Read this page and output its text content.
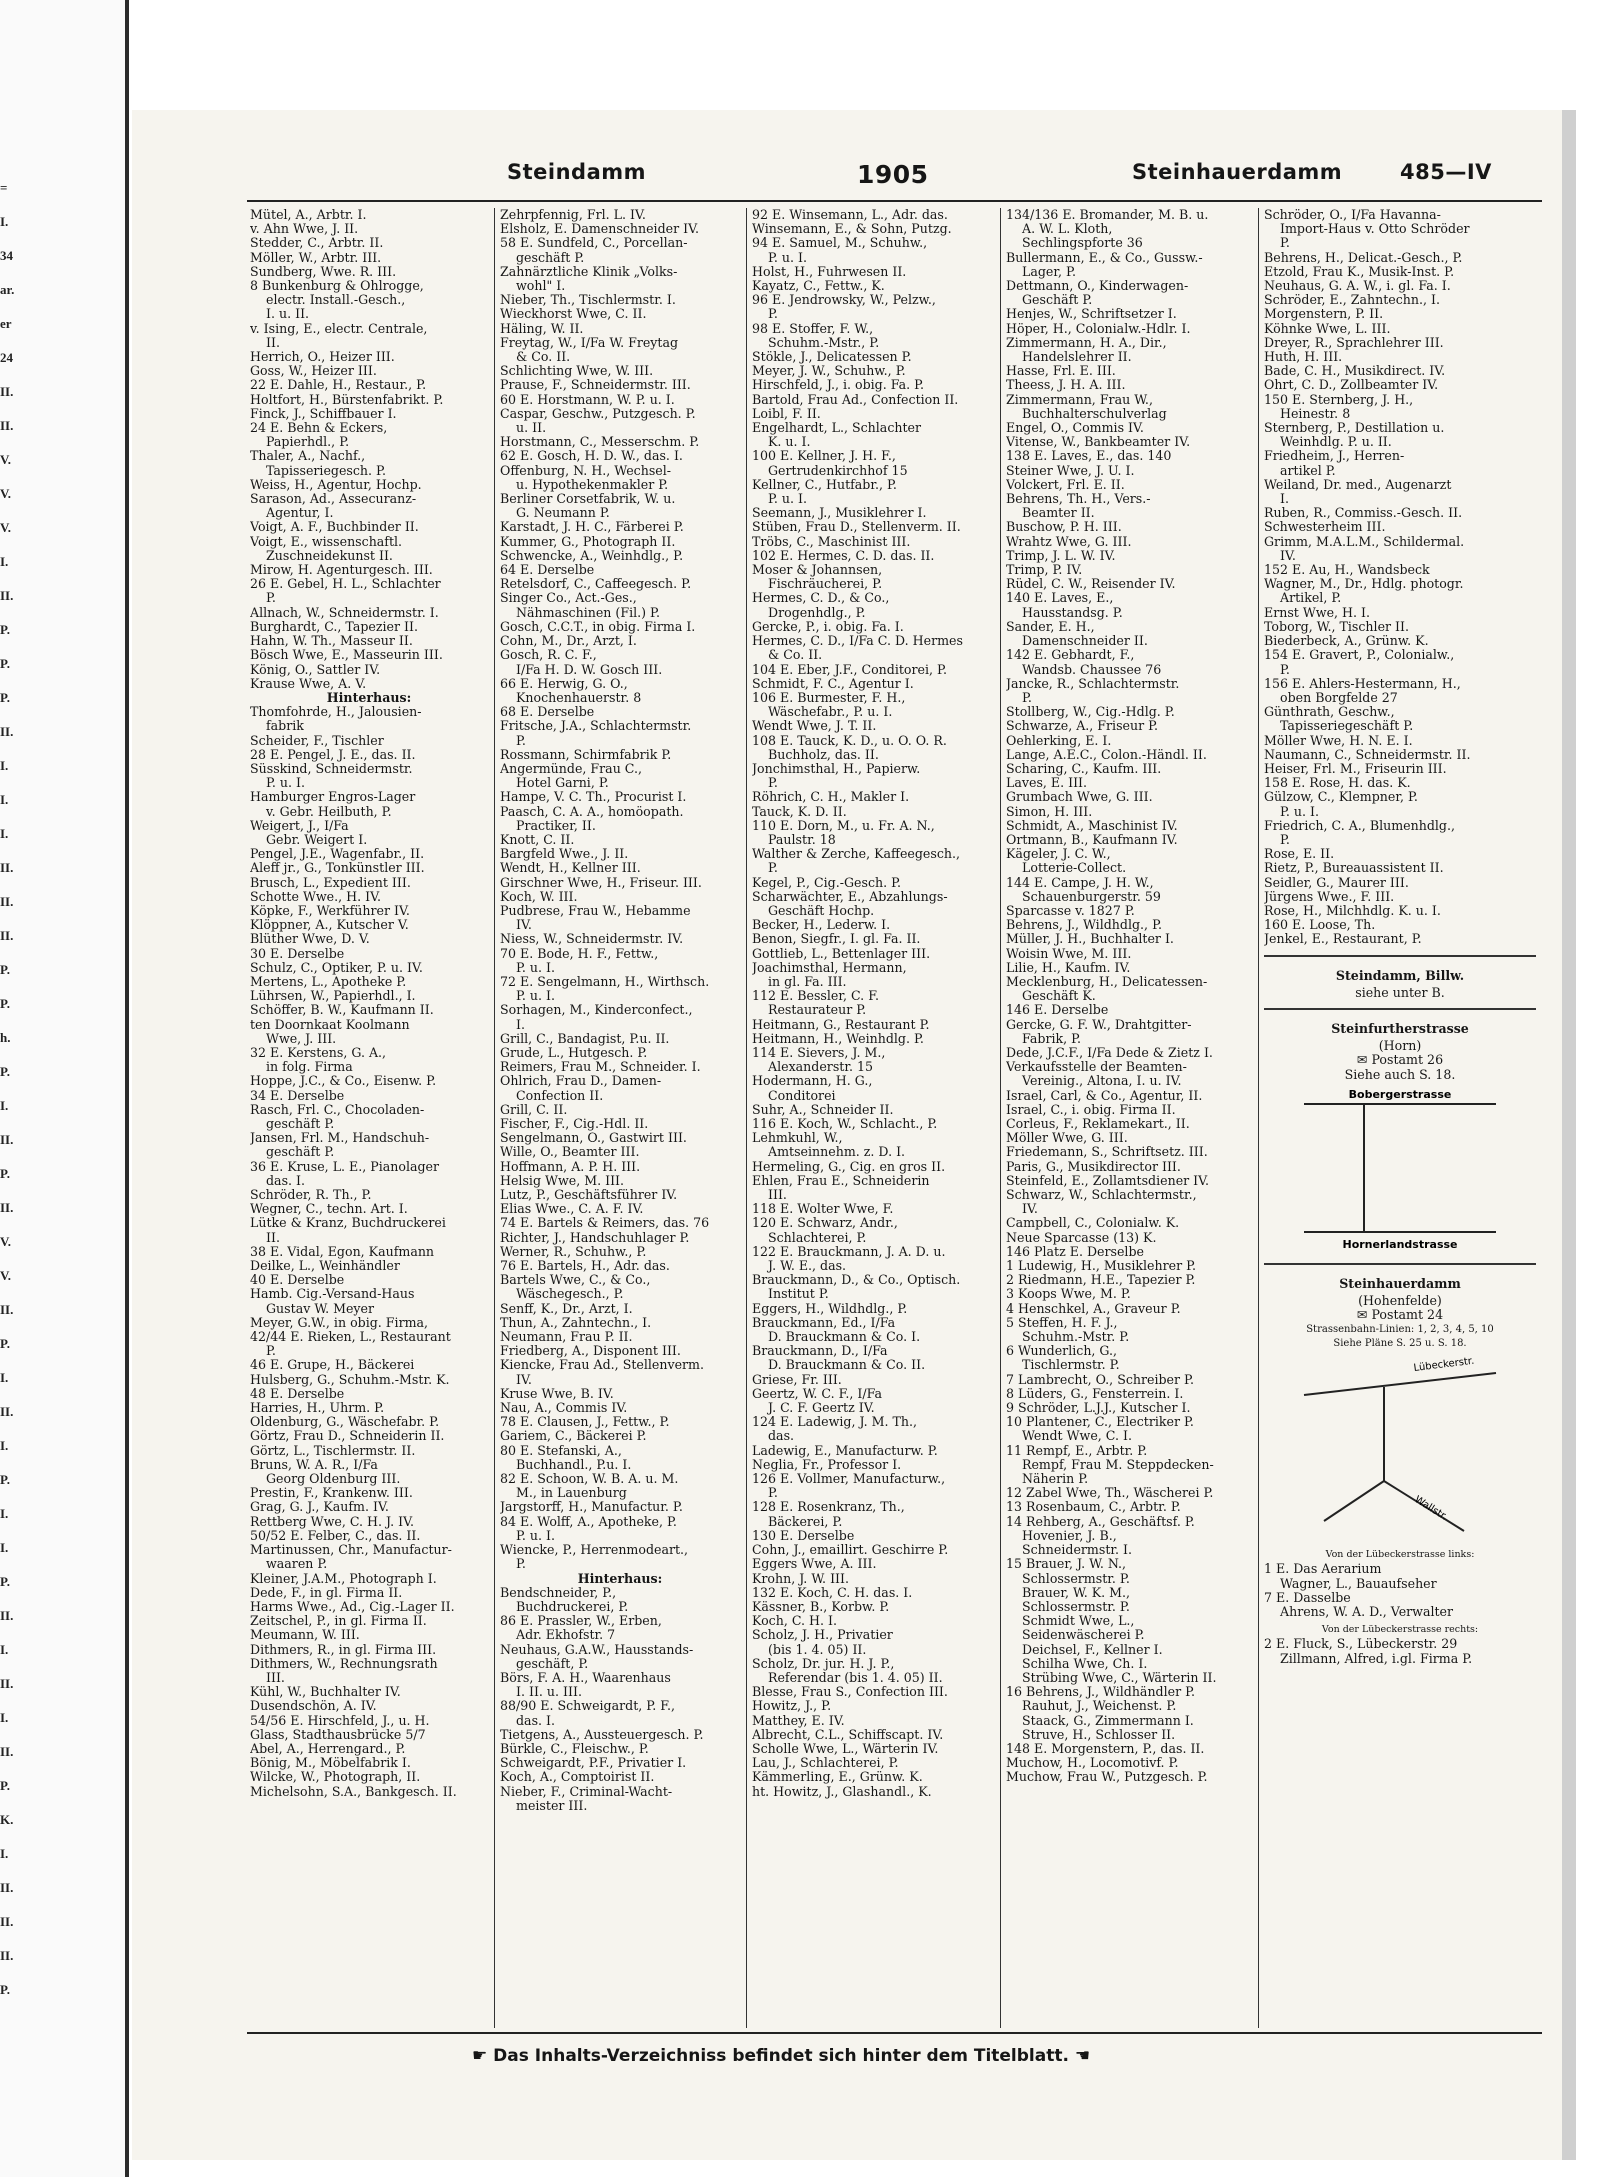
=
I.
34
ar.
er
24
II.
II.
V.
V.
V.
I.
II.
P.
P.
P.
II.
I.
I.
I.
II.
II.
II.
P.
P.
h.
P.
I.
II.
P.
II.
V.
V.
II.
P.
I.
II.
I.
P.
I.
I.
P.
II.
I.
II.
I.
II.
P.
K.
I.
II.
II.
II.
P.
Steindamm	1905	Steinhauerdamm	485—IV
Mütel, A., Arbtr. I.
v. Ahn Wwe, J. II.
Stedder, C., Arbtr. II.
Möller, W., Arbtr. III.
Sundberg, Wwe. R. III.
8 Bunkenburg & Ohlrogge,
electr. Install.-Gesch.,
I. u. II.
v. Ising, E., electr. Centrale,
II.
Herrich, O., Heizer III.
Goss, W., Heizer III.
22 E. Dahle, H., Restaur., P.
Holtfort, H., Bürstenfabrikt. P.
Finck, J., Schiffbauer I.
24 E. Behn & Eckers,
Papierhdl., P.
Thaler, A., Nachf.,
Tapisseriegesch. P.
Weiss, H., Agentur, Hochp.
Sarason, Ad., Assecuranz-
Agentur, I.
Voigt, A. F., Buchbinder II.
Voigt, E., wissenschaftl.
Zuschneidekunst II.
Mirow, H. Agenturgesch. III.
26 E. Gebel, H. L., Schlachter
P.
Allnach, W., Schneidermstr. I.
Burghardt, C., Tapezier II.
Hahn, W. Th., Masseur II.
Bösch Wwe, E., Masseurin III.
König, O., Sattler IV.
Krause Wwe, A. V.
Hinterhaus:
Thomfohrde, H., Jalousien-
fabrik
Scheider, F., Tischler
28 E. Pengel, J. E., das. II.
Süsskind, Schneidermstr.
P. u. I.
Hamburger Engros-Lager
v. Gebr. Heilbuth, P.
Weigert, J., I/Fa
Gebr. Weigert I.
Pengel, J.E., Wagenfabr., II.
Aleff jr., G., Tonkünstler III.
Brusch, L., Expedient III.
Schotte Wwe., H. IV.
Köpke, F., Werkführer IV.
Klöppner, A., Kutscher V.
Blüther Wwe, D. V.
30 E. Derselbe
Schulz, C., Optiker, P. u. IV.
Mertens, L., Apotheke P.
Lührsen, W., Papierhdl., I.
Schöffer, B. W., Kaufmann II.
ten Doornkaat Koolmann
Wwe, J. III.
32 E. Kerstens, G. A.,
in folg. Firma
Hoppe, J.C., & Co., Eisenw. P.
34 E. Derselbe
Rasch, Frl. C., Chocoladen-
geschäft P.
Jansen, Frl. M., Handschuh-
geschäft P.
36 E. Kruse, L. E., Pianolager
das. I.
Schröder, R. Th., P.
Wegner, C., techn. Art. I.
Lütke & Kranz, Buchdruckerei
II.
38 E. Vidal, Egon, Kaufmann
Deilke, L., Weinhändler
40 E. Derselbe
Hamb. Cig.-Versand-Haus
Gustav W. Meyer
Meyer, G.W., in obig. Firma,
42/44 E. Rieken, L., Restaurant
P.
46 E. Grupe, H., Bäckerei
Hulsberg, G., Schuhm.-Mstr. K.
48 E. Derselbe
Harries, H., Uhrm. P.
Oldenburg, G., Wäschefabr. P.
Görtz, Frau D., Schneiderin II.
Görtz, L., Tischlermstr. II.
Bruns, W. A. R., I/Fa
Georg Oldenburg III.
Prestin, F., Krankenw. III.
Grag, G. J., Kaufm. IV.
Rettberg Wwe, C. H. J. IV.
50/52 E. Felber, C., das. II.
Martinussen, Chr., Manufactur-
waaren P.
Kleiner, J.A.M., Photograph I.
Dede, F., in gl. Firma II.
Harms Wwe., Ad., Cig.-Lager II.
Zeitschel, P., in gl. Firma II.
Meumann, W. III.
Dithmers, R., in gl. Firma III.
Dithmers, W., Rechnungsrath
III.
Kühl, W., Buchhalter IV.
Dusendschön, A. IV.
54/56 E. Hirschfeld, J., u. H.
Glass, Stadthausbrücke 5/7
Abel, A., Herrengard., P.
Bönig, M., Möbelfabrik I.
Wilcke, W., Photograph, II.
Michelsohn, S.A., Bankgesch. II.
Zehrpfennig, Frl. L. IV.
Elsholz, E. Damenschneider IV.
58 E. Sundfeld, C., Porcellan-
geschäft P.
Zahnärztliche Klinik „Volks-
wohl" I.
Nieber, Th., Tischlermstr. I.
Wieckhorst Wwe, C. II.
Häling, W. II.
Freytag, W., I/Fa W. Freytag
& Co. II.
Schlichting Wwe, W. III.
Prause, F., Schneidermstr. III.
60 E. Horstmann, W. P. u. I.
Caspar, Geschw., Putzgesch. P.
u. II.
Horstmann, C., Messerschm. P.
62 E. Gosch, H. D. W., das. I.
Offenburg, N. H., Wechsel-
u. Hypothekenmakler P.
Berliner Corsetfabrik, W. u.
G. Neumann P.
Karstadt, J. H. C., Färberei P.
Kummer, G., Photograph II.
Schwencke, A., Weinhdlg., P.
64 E. Derselbe
Retelsdorf, C., Caffeegesch. P.
Singer Co., Act.-Ges.,
Nähmaschinen (Fil.) P.
Gosch, C.C.T., in obig. Firma I.
Cohn, M., Dr., Arzt, I.
Gosch, R. C. F.,
I/Fa H. D. W. Gosch III.
66 E. Herwig, G. O.,
Knochenhauerstr. 8
68 E. Derselbe
Fritsche, J.A., Schlachtermstr.
P.
Rossmann, Schirmfabrik P.
Angermünde, Frau C.,
Hotel Garni, P.
Hampe, V. C. Th., Procurist I.
Paasch, C. A. A., homöopath.
Practiker, II.
Knott, C. II.
Bargfeld Wwe., J. II.
Wendt, H., Kellner III.
Girschner Wwe, H., Friseur. III.
Koch, W. III.
Pudbrese, Frau W., Hebamme
IV.
Niess, W., Schneidermstr. IV.
70 E. Bode, H. F., Fettw.,
P. u. I.
72 E. Sengelmann, H., Wirthsch.
P. u. I.
Sorhagen, M., Kinderconfect.,
I.
Grill, C., Bandagist, P.u. II.
Grude, L., Hutgesch. P.
Reimers, Frau M., Schneider. I.
Ohlrich, Frau D., Damen-
Confection II.
Grill, C. II.
Fischer, F., Cig.-Hdl. II.
Sengelmann, O., Gastwirt III.
Wille, O., Beamter III.
Hoffmann, A. P. H. III.
Helsig Wwe, M. III.
Lutz, P., Geschäftsführer IV.
Elias Wwe., C. A. F. IV.
74 E. Bartels & Reimers, das. 76
Richter, J., Handschuhlager P.
Werner, R., Schuhw., P.
76 E. Bartels, H., Adr. das.
Bartels Wwe, C., & Co.,
Wäschegesch., P.
Senff, K., Dr., Arzt, I.
Thun, A., Zahntechn., I.
Neumann, Frau P. II.
Friedberg, A., Disponent III.
Kiencke, Frau Ad., Stellenverm.
IV.
Kruse Wwe, B. IV.
Nau, A., Commis IV.
78 E. Clausen, J., Fettw., P.
Gariem, C., Bäckerei P.
80 E. Stefanski, A.,
Buchhandl., P.u. I.
82 E. Schoon, W. B. A. u. M.
M., in Lauenburg
Jargstorff, H., Manufactur. P.
84 E. Wolff, A., Apotheke, P.
P. u. I.
Wiencke, P., Herrenmodeart.,
P.
Hinterhaus:
Bendschneider, P.,
Buchdruckerei, P.
86 E. Prassler, W., Erben,
Adr. Ekhofstr. 7
Neuhaus, G.A.W., Hausstands-
geschäft, P.
Börs, F. A. H., Waarenhaus
I. II. u. III.
88/90 E. Schweigardt, P. F.,
das. I.
Tietgens, A., Aussteuergesch. P.
Bürkle, C., Fleischw., P.
Schweigardt, P.F., Privatier I.
Koch, A., Comptoirist II.
Nieber, F., Criminal-Wacht-
meister III.
92 E. Winsemann, L., Adr. das.
Winsemann, E., & Sohn, Putzg.
94 E. Samuel, M., Schuhw.,
P. u. I.
Holst, H., Fuhrwesen II.
Kayatz, C., Fettw., K.
96 E. Jendrowsky, W., Pelzw.,
P.
98 E. Stoffer, F. W.,
Schuhm.-Mstr., P.
Stökle, J., Delicatessen P.
Meyer, J. W., Schuhw., P.
Hirschfeld, J., i. obig. Fa. P.
Bartold, Frau Ad., Confection II.
Loibl, F. II.
Engelhardt, L., Schlachter
K. u. I.
100 E. Kellner, J. H. F.,
Gertrudenkirchhof 15
Kellner, C., Hutfabr., P.
P. u. I.
Seemann, J., Musiklehrer I.
Stüben, Frau D., Stellenverm. II.
Tröbs, C., Maschinist III.
102 E. Hermes, C. D. das. II.
Moser & Johannsen,
Fischräucherei, P.
Hermes, C. D., & Co.,
Drogenhdlg., P.
Gercke, P., i. obig. Fa. I.
Hermes, C. D., I/Fa C. D. Hermes
& Co. II.
104 E. Eber, J.F., Conditorei, P.
Schmidt, F. C., Agentur I.
106 E. Burmester, F. H.,
Wäschefabr., P. u. I.
Wendt Wwe, J. T. II.
108 E. Tauck, K. D., u. O. O. R.
Buchholz, das. II.
Jonchimsthal, H., Papierw.
P.
Röhrich, C. H., Makler I.
Tauck, K. D. II.
110 E. Dorn, M., u. Fr. A. N.,
Paulstr. 18
Walther & Zerche, Kaffeegesch.,
P.
Kegel, P., Cig.-Gesch. P.
Scharwächter, E., Abzahlungs-
Geschäft Hochp.
Becker, H., Lederw. I.
Benon, Siegfr., I. gl. Fa. II.
Gottlieb, L., Bettenlager III.
Joachimsthal, Hermann,
in gl. Fa. III.
112 E. Bessler, C. F.
Restaurateur P.
Heitmann, G., Restaurant P.
Heitmann, H., Weinhdlg. P.
114 E. Sievers, J. M.,
Alexanderstr. 15
Hodermann, H. G.,
Conditorei
Suhr, A., Schneider II.
116 E. Koch, W., Schlacht., P.
Lehmkuhl, W.,
Amtseinnehm. z. D. I.
Hermeling, G., Cig. en gros II.
Ehlen, Frau E., Schneiderin
III.
118 E. Wolter Wwe, F.
120 E. Schwarz, Andr.,
Schlachterei, P.
122 E. Brauckmann, J. A. D. u.
J. W. E., das.
Brauckmann, D., & Co., Optisch.
Institut P.
Eggers, H., Wildhdlg., P.
Brauckmann, Ed., I/Fa
D. Brauckmann & Co. I.
Brauckmann, D., I/Fa
D. Brauckmann & Co. II.
Griese, Fr. III.
Geertz, W. C. F., I/Fa
J. C. F. Geertz IV.
124 E. Ladewig, J. M. Th.,
das.
Ladewig, E., Manufacturw. P.
Neglia, Fr., Professor I.
126 E. Vollmer, Manufacturw.,
P.
128 E. Rosenkranz, Th.,
Bäckerei, P.
130 E. Derselbe
Cohn, J., emaillirt. Geschirre P.
Eggers Wwe, A. III.
Krohn, J. W. III.
132 E. Koch, C. H. das. I.
Kässner, B., Korbw. P.
Koch, C. H. I.
Scholz, J. H., Privatier
(bis 1. 4. 05) II.
Scholz, Dr. jur. H. J. P.,
Referendar (bis 1. 4. 05) II.
Blesse, Frau S., Confection III.
Howitz, J., P.
Matthey, E. IV.
Albrecht, C.L., Schiffscapt. IV.
Scholle Wwe, L., Wärterin IV.
Lau, J., Schlachterei, P.
Kämmerling, E., Grünw. K.
ht. Howitz, J., Glashandl., K.
134/136 E. Bromander, M. B. u.
A. W. L. Kloth,
Sechlingspforte 36
Bullermann, E., & Co., Gussw.-
Lager, P.
Dettmann, O., Kinderwagen-
Geschäft P.
Henjes, W., Schriftsetzer I.
Höper, H., Colonialw.-Hdlr. I.
Zimmermann, H. A., Dir.,
Handelslehrer II.
Hasse, Frl. E. III.
Theess, J. H. A. III.
Zimmermann, Frau W.,
Buchhalterschulverlag
Engel, O., Commis IV.
Vitense, W., Bankbeamter IV.
138 E. Laves, E., das. 140
Steiner Wwe, J. U. I.
Volckert, Frl. E. II.
Behrens, Th. H., Vers.-
Beamter II.
Buschow, P. H. III.
Wrahtz Wwe, G. III.
Trimp, J. L. W. IV.
Trimp, P. IV.
Rüdel, C. W., Reisender IV.
140 E. Laves, E.,
Hausstandsg. P.
Sander, E. H.,
Damenschneider II.
142 E. Gebhardt, F.,
Wandsb. Chaussee 76
Jancke, R., Schlachtermstr.
P.
Stollberg, W., Cig.-Hdlg. P.
Schwarze, A., Friseur P.
Oehlerking, E. I.
Lange, A.E.C., Colon.-Händl. II.
Scharing, C., Kaufm. III.
Laves, E. III.
Grumbach Wwe, G. III.
Simon, H. III.
Schmidt, A., Maschinist IV.
Ortmann, B., Kaufmann IV.
Kägeler, J. C. W.,
Lotterie-Collect.
144 E. Campe, J. H. W.,
Schauenburgerstr. 59
Sparcasse v. 1827 P.
Behrens, J., Wildhdlg., P.
Müller, J. H., Buchhalter I.
Woisin Wwe, M. III.
Lilie, H., Kaufm. IV.
Mecklenburg, H., Delicatessen-
Geschäft K.
146 E. Derselbe
Gercke, G. F. W., Drahtgitter-
Fabrik, P.
Dede, J.C.F., I/Fa Dede & Zietz I.
Verkaufsstelle der Beamten-
Vereinig., Altona, I. u. IV.
Israel, Carl, & Co., Agentur, II.
Israel, C., i. obig. Firma II.
Corleus, F., Reklamekart., II.
Möller Wwe, G. III.
Friedemann, S., Schriftsetz. III.
Paris, G., Musikdirector III.
Steinfeld, E., Zollamtsdiener IV.
Schwarz, W., Schlachtermstr.,
IV.
Campbell, C., Colonialw. K.
Neue Sparcasse (13) K.
146 Platz E. Derselbe
1 Ludewig, H., Musiklehrer P.
2 Riedmann, H.E., Tapezier P.
3 Koops Wwe, M. P.
4 Henschkel, A., Graveur P.
5 Steffen, H. F. J.,
Schuhm.-Mstr. P.
6 Wunderlich, G.,
Tischlermstr. P.
7 Lambrecht, O., Schreiber P.
8 Lüders, G., Fensterrein. I.
9 Schröder, L.J.J., Kutscher I.
10 Plantener, C., Electriker P.
Wendt Wwe, C. I.
11 Rempf, E., Arbtr. P.
Rempf, Frau M. Steppdecken-
Näherin P.
12 Zabel Wwe, Th., Wäscherei P.
13 Rosenbaum, C., Arbtr. P.
14 Rehberg, A., Geschäftsf. P.
Hovenier, J. B.,
Schneidermstr. I.
15 Brauer, J. W. N.,
Schlossermstr. P.
Brauer, W. K. M.,
Schlossermstr. P.
Schmidt Wwe, L.,
Seidenwäscherei P.
Deichsel, F., Kellner I.
Schilha Wwe, Ch. I.
Strübing Wwe, C., Wärterin II.
16 Behrens, J., Wildhändler P.
Rauhut, J., Weichenst. P.
Staack, G., Zimmermann I.
Struve, H., Schlosser II.
148 E. Morgenstern, P., das. II.
Muchow, H., Locomotivf. P.
Muchow, Frau W., Putzgesch. P.
Schröder, O., I/Fa Havanna-
Import-Haus v. Otto Schröder
P.
Behrens, H., Delicat.-Gesch., P.
Etzold, Frau K., Musik-Inst. P.
Neuhaus, G. A. W., i. gl. Fa. I.
Schröder, E., Zahntechn., I.
Morgenstern, P. II.
Köhnke Wwe, L. III.
Dreyer, R., Sprachlehrer III.
Huth, H. III.
Bade, C. H., Musikdirect. IV.
Ohrt, C. D., Zollbeamter IV.
150 E. Sternberg, J. H.,
Heinestr. 8
Sternberg, P., Destillation u.
Weinhdlg. P. u. II.
Friedheim, J., Herren-
artikel P.
Weiland, Dr. med., Augenarzt
I.
Ruben, R., Commiss.-Gesch. II.
Schwesterheim III.
Grimm, M.A.L.M., Schildermal.
IV.
152 E. Au, H., Wandsbeck
Wagner, M., Dr., Hdlg. photogr.
Artikel, P.
Ernst Wwe, H. I.
Toborg, W., Tischler II.
Biederbeck, A., Grünw. K.
154 E. Gravert, P., Colonialw.,
P.
156 E. Ahlers-Hestermann, H.,
oben Borgfelde 27
Günthrath, Geschw.,
Tapisseriegeschäft P.
Möller Wwe, H. N. E. I.
Naumann, C., Schneidermstr. II.
Heiser, Frl. M., Friseurin III.
158 E. Rose, H. das. K.
Gülzow, C., Klempner, P.
P. u. I.
Friedrich, C. A., Blumenhdlg.,
P.
Rose, E. II.
Rietz, P., Bureauassistent II.
Seidler, G., Maurer III.
Jürgens Wwe., F. III.
Rose, H., Milchhdlg. K. u. I.
160 E. Loose, Th.
Jenkel, E., Restaurant, P.
Steindamm, Billw.
siehe unter B.
Steinfurtherstrasse
(Horn)
✉ Postamt 26
Siehe auch S. 18.
Bobergerstrasse
Hornerlandstrasse
Steinhauerdamm
(Hohenfelde)
✉ Postamt 24
Strassenbahn-Linien: 1, 2, 3, 4, 5, 10
Siehe Pläne S. 25 u. S. 18.
Lübeckerstr.
Wallstr.
Von der Lübeckerstrasse links:
1 E. Das Aerarium
Wagner, L., Bauaufseher
7 E. Dasselbe
Ahrens, W. A. D., Verwalter
Von der Lübeckerstrasse rechts:
2 E. Fluck, S., Lübeckerstr. 29
Zillmann, Alfred, i.gl. Firma P.
☛ Das Inhalts-Verzeichniss befindet sich hinter dem Titelblatt. ☚
